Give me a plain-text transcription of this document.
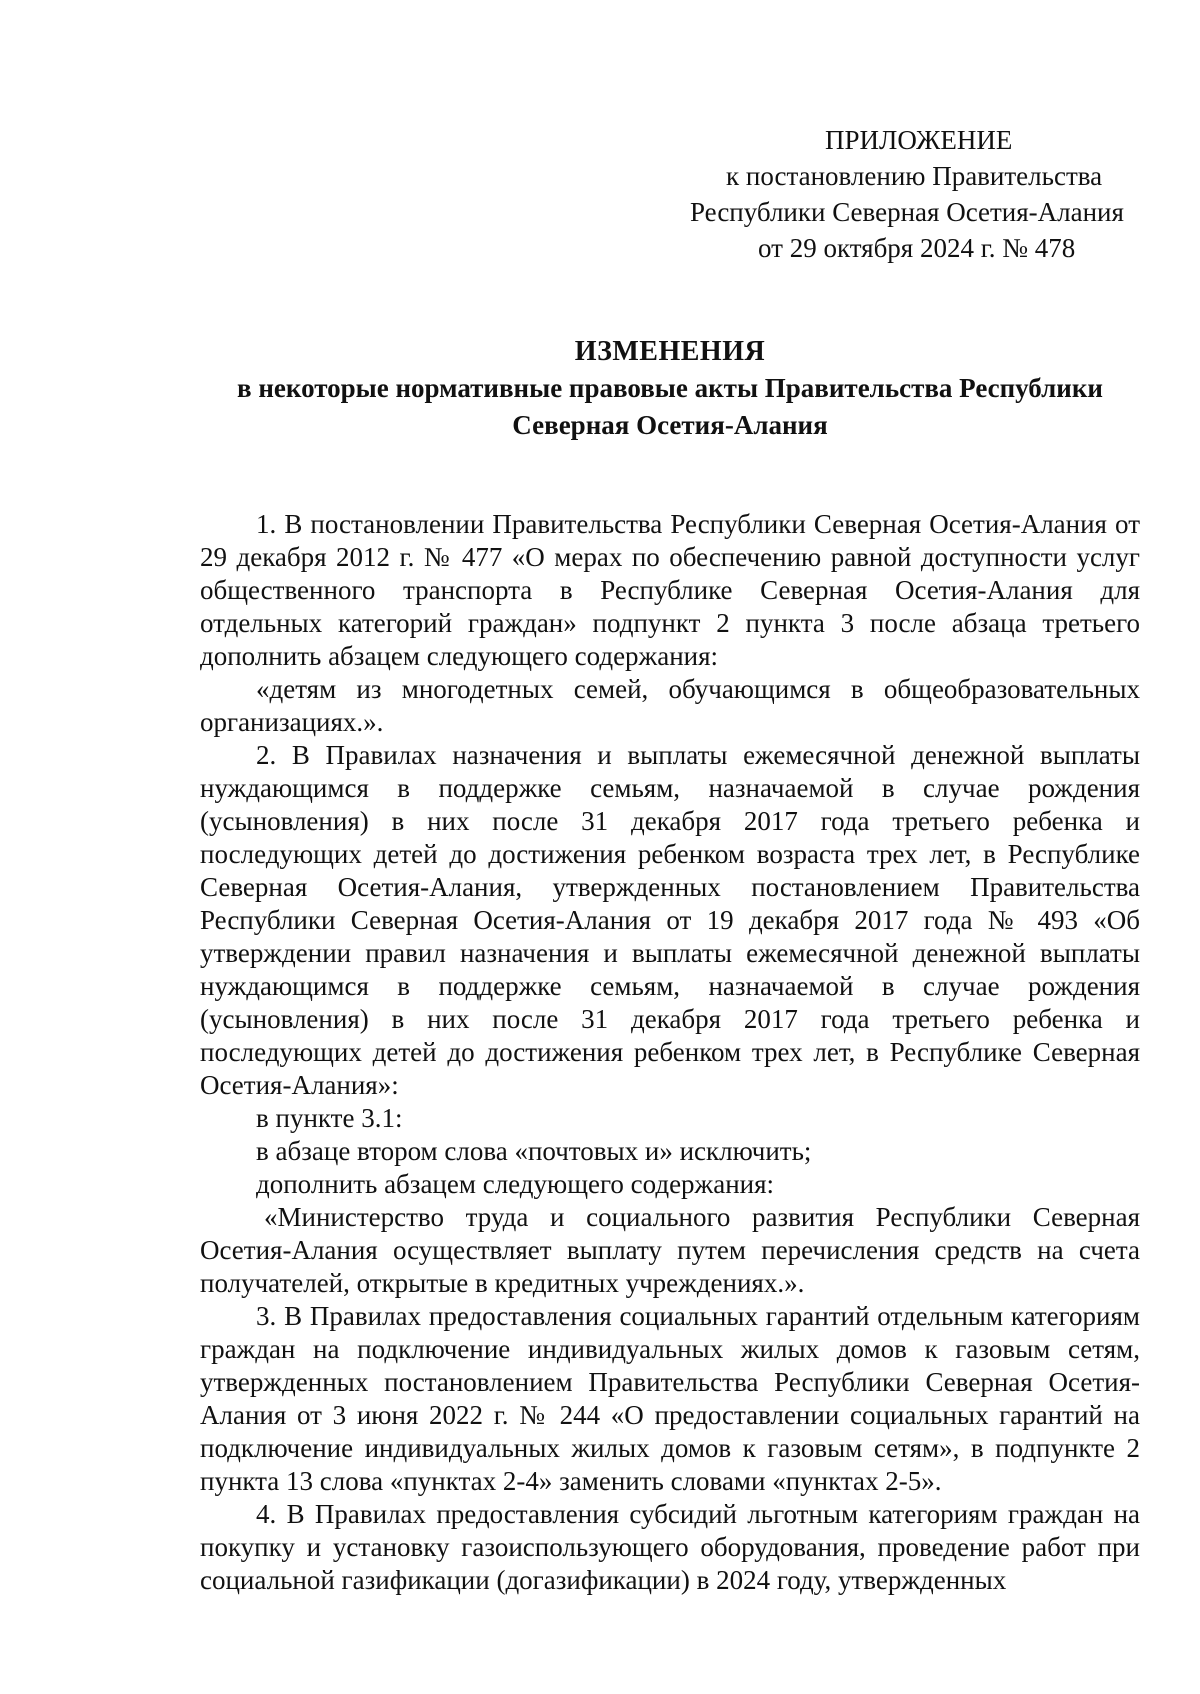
ПРИЛОЖЕНИЕ
к постановлению Правительства
Республики Северная Осетия-Алания
от 29 октября 2024 г. № 478
ИЗМЕНЕНИЯ
в некоторые нормативные правовые акты Правительства Республики
Северная Осетия-Алания

1. В постановлении Правительства Республики Северная Осетия-Алания от 29 декабря 2012 г. № 477 «О мерах по обеспечению равной доступности услуг общественного транспорта в Республике Северная Осетия-Алания для отдельных категорий граждан» подпункт 2 пункта 3 после абзаца третьего дополнить абзацем следующего содержания:

«детям из многодетных семей, обучающимся в общеобразовательных организациях.».

2. В Правилах назначения и выплаты ежемесячной денежной выплаты нуждающимся в поддержке семьям, назначаемой в случае рождения (усыновления) в них после 31 декабря 2017 года третьего ребенка и последующих детей до достижения ребенком возраста трех лет, в Республике Северная Осетия-Алания, утвержденных постановлением Правительства Республики Северная Осетия-Алания от 19 декабря 2017 года № 493 «Об утверждении правил назначения и выплаты ежемесячной денежной выплаты нуждающимся в поддержке семьям, назначаемой в случае рождения (усыновления) в них после 31 декабря 2017 года третьего ребенка и последующих детей до достижения ребенком трех лет, в Республике Северная Осетия-Алания»:

в пункте 3.1:

в абзаце втором слова «почтовых и» исключить;

дополнить абзацем следующего содержания:

«Министерство труда и социального развития Республики Северная Осетия-Алания осуществляет выплату путем перечисления средств на счета получателей, открытые в кредитных учреждениях.».

3. В Правилах предоставления социальных гарантий отдельным категориям граждан на подключение индивидуальных жилых домов к газовым сетям, утвержденных постановлением Правительства Республики Северная Осетия-Алания от 3 июня 2022 г. № 244 «О предоставлении социальных гарантий на подключение индивидуальных жилых домов к газовым сетям», в подпункте 2 пункта 13 слова «пунктах 2-4» заменить словами «пунктах 2-5».

4. В Правилах предоставления субсидий льготным категориям граждан на покупку и установку газоиспользующего оборудования, проведение работ при социальной газификации (догазификации) в 2024 году, утвержденных
